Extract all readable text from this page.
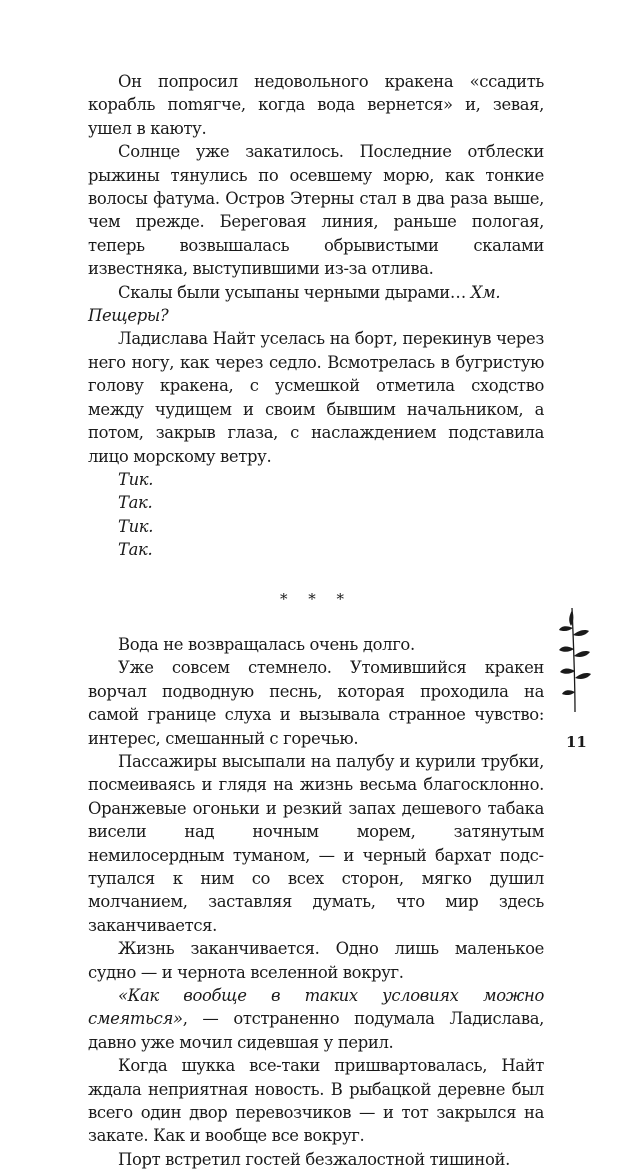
Он попросил недовольного кракена «ссадить корабль поmягче, когда вода вернется» и, зевая, ушел в каюту.

Солнце уже закатилось. Последние отблески рыжины тянулись по осевшему морю, как тонкие волосы фатума. Остров Этерны стал в два раза выше, чем прежде. Береговая линия, раньше пологая, теперь возвышалась обрывистыми скалами известняка, выступившими из-за отлива.

Скалы были усыпаны черными дырами… Хм. Пещеры?

Ладислава Найт уселась на борт, перекинув через него ногу, как через седло. Всмотрелась в бугристую голову кракена, с усмешкой отметила сходство между чудищем и своим бывшим начальником, а потом, закрыв глаза, с наслаждением подставила лицо морскому ветру.

Тик.

Так.

Тик.

Так.

* * *

Вода не возвращалась очень долго.

Уже совсем стемнело. Утомившийся кракен ворчал подводную песнь, которая проходила на самой границе слуха и вызывала странное чувство: интерес, смешанный с горечью.

Пассажиры высыпали на палубу и курили трубки, посмеиваясь и глядя на жизнь весьма благосклонно. Оранжевые огоньки и резкий запах дешевого табака висели над ночным морем, затянутым немилосердным туманом, — и черный бархат подступался к ним со всех сторон, мягко душил молчанием, заставляя думать, что мир здесь заканчивается.

Жизнь заканчивается. Одно лишь маленькое судно — и чернота вселенной вокруг.

«Как вообще в таких условиях можно смеяться», — отстраненно подумала Ладислава, давно уже мочил сидевшая у перил.

Когда шукка все-таки пришвартовалась, Найт ждала неприятная новость. В рыбацкой деревне был всего один двор перевозчиков — и тот закрылся на закате. Как и вообще все вокруг.

Порт встретил гостей безжалостной тишиной.

11
